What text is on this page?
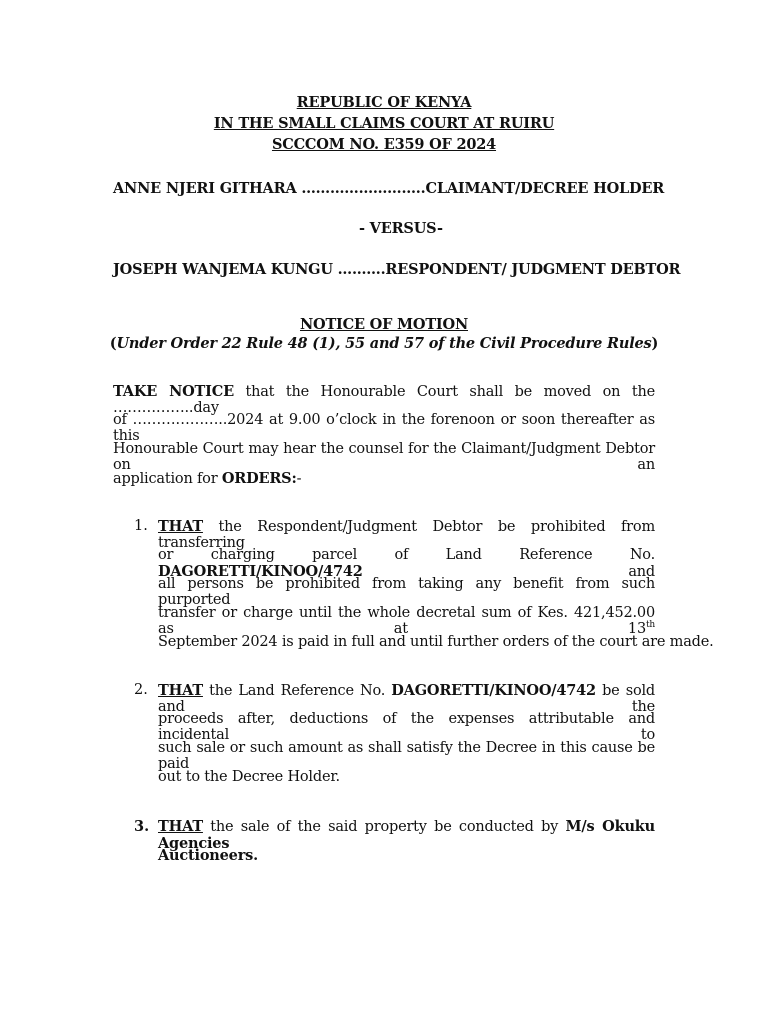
REPUBLIC OF KENYA
IN THE SMALL CLAIMS COURT AT RUIRU
SCCCOM NO. E359 OF 2024
ANNE NJERI GITHARA ……………………..CLAIMANT/DECREE HOLDER
- VERSUS-
JOSEPH WANJEMA KUNGU ……….RESPONDENT/ JUDGMENT DEBTOR
NOTICE OF MOTION
(Under Order 22 Rule 48 (1), 55 and 57 of the Civil Procedure Rules)
TAKE NOTICE that the Honourable Court shall be moved on the ……………..day
of ………………..2024 at 9.00 o’clock in the forenoon or soon thereafter as this
Honourable Court may hear the counsel for the Claimant/Judgment Debtor on an
application for ORDERS:-
1. THAT the Respondent/Judgment Debtor be prohibited from transferring
or charging parcel of Land Reference No. DAGORETTI/KINOO/4742 and
all persons be prohibited from taking any benefit from such purported
transfer or charge until the whole decretal sum of Kes. 421,452.00 as at 13th
September 2024 is paid in full and until further orders of the court are made.
2. THAT the Land Reference No. DAGORETTI/KINOO/4742 be sold and the
proceeds after, deductions of the expenses attributable and incidental to
such sale or such amount as shall satisfy the Decree in this cause be paid
out to the Decree Holder.
3. THAT the sale of the said property be conducted by M/s Okuku Agencies
Auctioneers.
